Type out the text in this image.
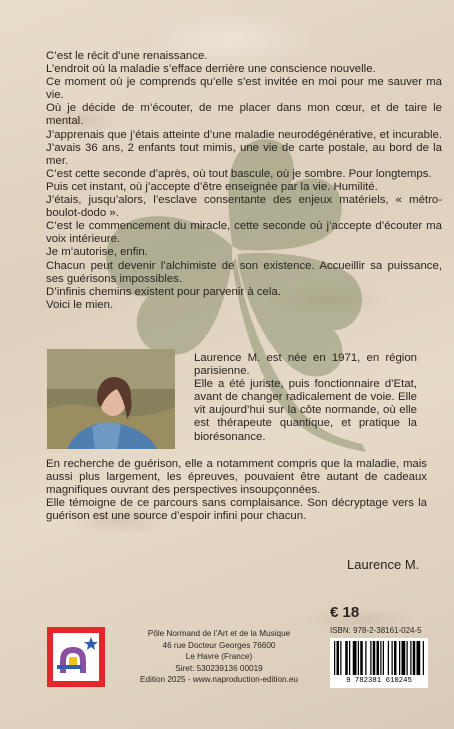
C’est le récit d’une renaissance.

L’endroit où la maladie s’efface derrière une conscience nouvelle.

Ce moment où je comprends qu’elle s’est invitée en moi pour me sauver ma vie.

Où je décide de m’écouter, de me placer dans mon cœur, et de taire le mental.

J’apprenais que j’étais atteinte d’une maladie neurodégénérative, et incurable. J’avais 36 ans, 2 enfants tout mimis, une vie de carte postale, au bord de la mer.

C’est cette seconde d’après, où tout bascule, où je sombre. Pour longtemps.

Puis cet instant, où j’accepte d’être enseignée par la vie. Humilité.

J’étais, jusqu’alors, l’esclave consentante des enjeux matériels, « métro-boulot-dodo ».

C’est le commencement du miracle, cette seconde où j’accepte d’écouter ma voix intérieure.

Je m’autorise, enfin.

Chacun peut devenir l’alchimiste de son existence. Accueillir sa puissance, ses guérisons impossibles.

D’infinis chemins existent pour parvenir à cela.

Voici le mien.

Laurence M. est née en 1971, en région parisienne.

Elle a été juriste, puis fonctionnaire d’Etat, avant de changer radicalement de voie. Elle vit aujourd’hui sur la côte normande, où elle est thérapeute quantique, et pratique la biorésonance.

En recherche de guérison, elle a notamment compris que la maladie, mais aussi plus largement, les épreuves, pouvaient être autant de cadeaux magnifiques ouvrant des perspectives insoupçonnées.

Elle témoigne de ce parcours sans complaisance. Son décryptage vers la guérison est une source d’espoir infini pour chacun.

Laurence M.
€ 18

Pôle Normand de l’Art et de la Musique

46 rue Docteur Georges 76600

Le Havre (France)

Siret: 530239136 00019

Edition 2025 - www.naproduction-edition.eu

ISBN: 978-2-38161-024-5
9 782381 610245
